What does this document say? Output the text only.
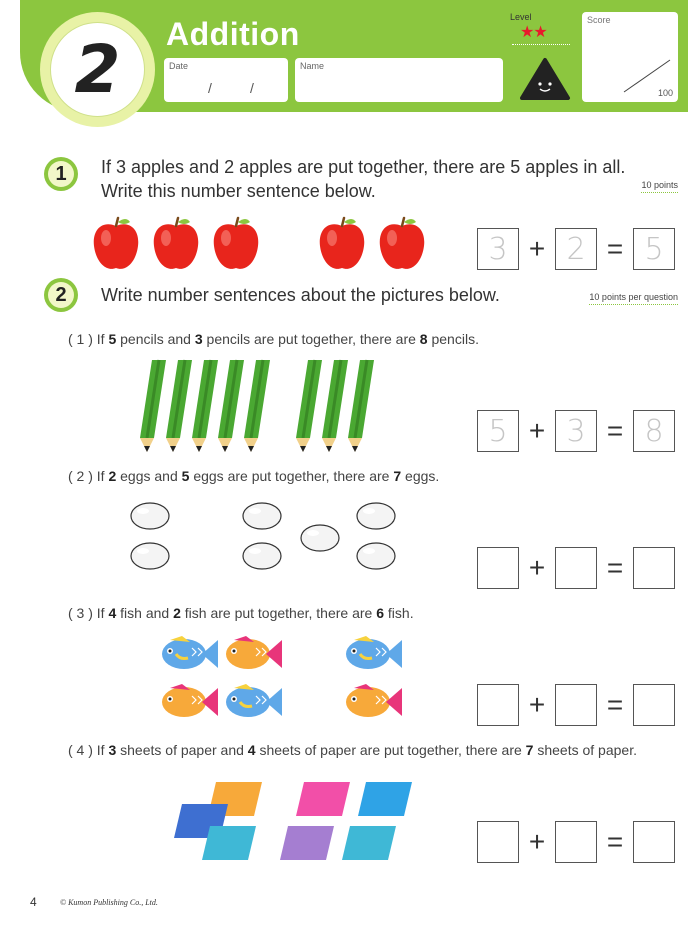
2	Addition
Date
/	/
Name
Level
★★
Score
100
1	If 3 apples and 2 apples are put together, there are 5 apples in all.
Write this number sentence below.	10 points
3 + 2 = 5
2	Write number sentences about the pictures below.	10 points per question
( 1 ) If 5 pencils and 3 pencils are put together, there are 8 pencils.
5 + 3 = 8
( 2 ) If 2 eggs and 5 eggs are put together, there are 7 eggs.
+	=
( 3 ) If 4 fish and 2 fish are put together, there are 6 fish.
+	=
( 4 ) If 3 sheets of paper and 4 sheets of paper are put together, there are 7 sheets of paper.
+	=
4	© Kumon Publishing Co., Ltd.
